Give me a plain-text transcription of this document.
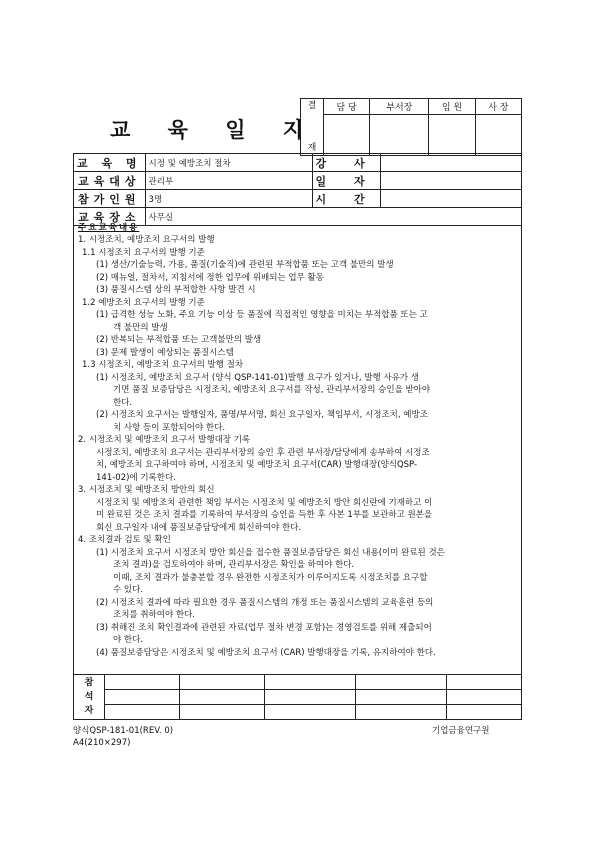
교 육 일 지
결

재	담 당	부서장	임 원	사 장

교 육 명	시정 및 예방조치 절차	강 사	
교육대상	관리부	일 자	
참가인원	3명	시 간	
교육장소	사무실		
주요교육내용

1. 시정조치, 예방조치 요구서의 발행

1.1 시정조치 요구서의 발행 기준

(1) 생산/기술능력, 가용, 품질(기술직)에 관련된 부적합품 또는 고객 불만의 발생

(2) 매뉴얼, 절차서, 지침서에 정한 업무에 위배되는 업무 활동

(3) 품질시스템 상의 부적합한 사항 발견 시

1.2 예방조치 요구서의 발행 기준

(1) 급격한 성능 노화, 주요 기능 이상 등 품질에 직접적인 영향을 미치는 부적합품 또는 고

객 불만의 발생

(2) 반복되는 부적합품 또는 고객불만의 발생

(3) 문제 발생이 예상되는 품질시스템

1.3 시정조치, 예방조치 요구서의 발행 절차

(1) 시정조치, 예방조치 요구서 (양식 QSP-141-01)발행 요구가 있거나, 발행 사유가 생

기면 품질 보증담당은 시정조치, 예방조치 요구서를 작성, 관리부서장의 승인을 받아야

한다.

(2) 시정조치 요구서는 발행일자, 품명/부서명, 회신 요구일자, 책임부서, 시정조치, 예방조

치 사항 등이 포함되어야 한다.

2. 시정조치 및 예방조치 요구서 발행대장 기록

시정조치, 예방조치 요구서는 관리부서장의 승인 후 관련 부서장/담당에게 송부하여 시정조

치, 예방조치 요구하여야 하며, 시정조치 및 예방조치 요구서(CAR) 발행대장(양식QSP-

141-02)에 기록한다.

3. 시정조치 및 예방조치 방안의 회신

시정조치 및 예방조치 관련한 책임 부서는 시정조치 및 예방조치 방안 회신란에 기재하고 이

미 완료된 것은 조치 결과를 기록하여 부서장의 승인을 득한 후 사본 1부를 보관하고 원본을

회신 요구일자 내에 품질보증담당에게 회신하여야 한다.

4. 조치결과 검토 및 확인

(1) 시정조치 요구서 시정조치 방안 회신을 접수한 품질보증담당은 회신 내용(이미 완료된 것은

조치 결과)을 검토하여야 하며, 관리부서장은 확인을 하여야 한다.

이때, 조치 결과가 불충분할 경우 완전한 시정조치가 이루어지도록 시정조치를 요구할

수 있다.

(2) 시정조치 결과에 따라 필요한 경우 품질시스템의 개정 또는 품질시스템의 교육훈련 등의

조치를 취하여야 한다.

(3) 취해진 조치 확인결과에 관련된 자료(업무 절차 변경 포함)는 경영검토를 위해 제출되어

야 한다.

(4) 품질보증담당은 시정조치 및 예방조치 요구서 (CAR) 발행대장을 기록, 유지하여야 한다.

참
석
자					

양식QSP-181-01(REV. 0)
A4(210×297)
기업금융연구원
